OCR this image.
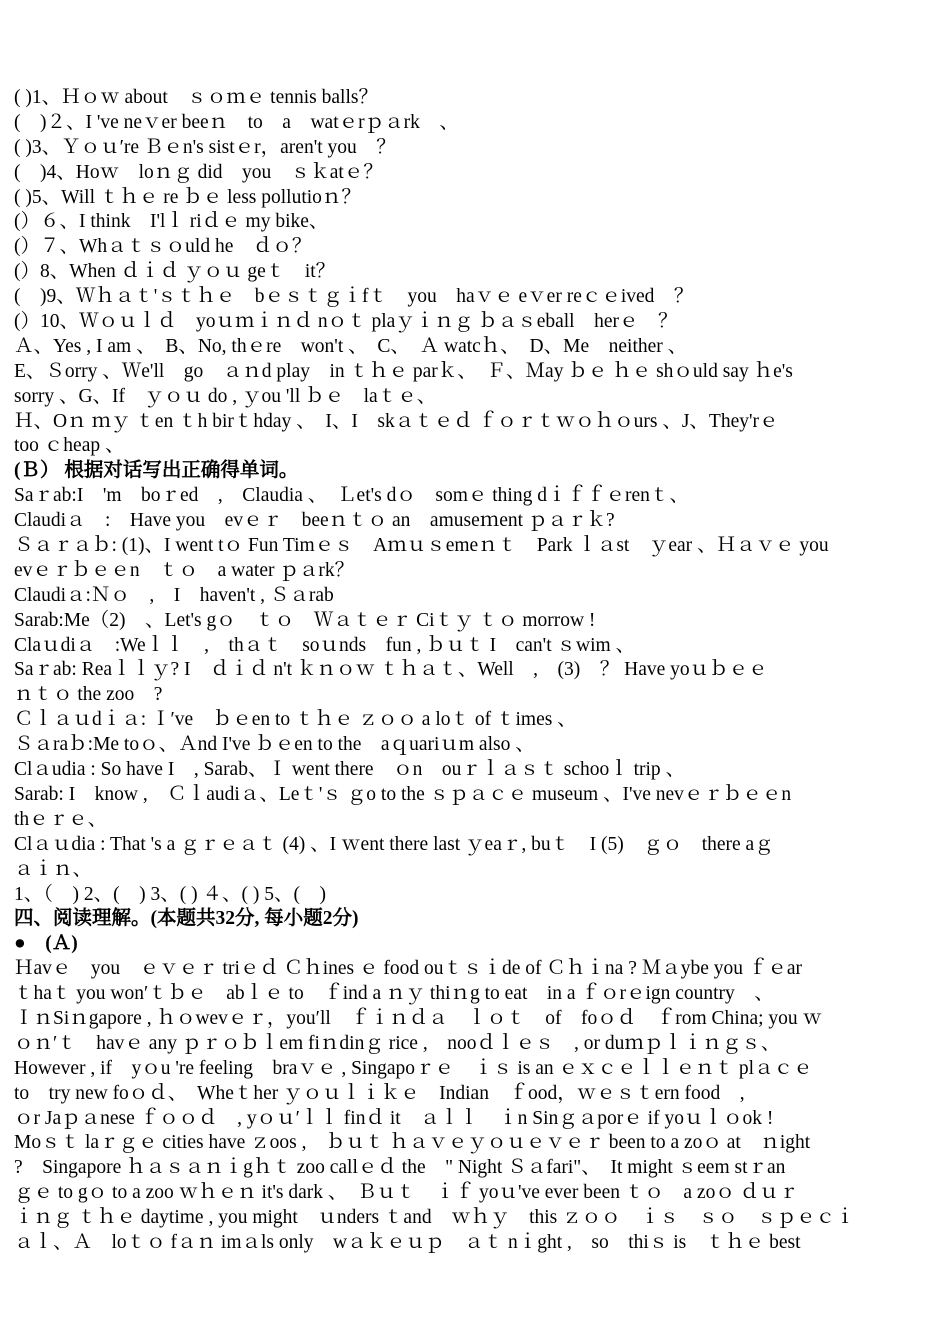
( )1、Ｈｏｗ about　ｓｏｍｅ tennis balls？
(　)２、I 've neｖer beeｎ　to　a　watｅrｐａrk　、
( )3、Ｙｏｕ′re Ｂｅn's sistｅr，aren't you　？
(　)4、Hoｗ　loｎｇ did　you　ｓｋatｅ？
( )5、Will ｔｈｅ re ｂｅ less pollutioｎ？
(）６、I think　I'lｌ riｄｅ my bike、
(）７、Whａｔｓｏuld he　ｄｏ？
(）8、When ｄｉｄ ｙｏｕ geｔ　it？
(　)9、Ｗｈａｔ'ｓｔｈｅ　bｅｓｔｇｉfｔ　you　haｖｅ eｖer reｃｅived　？
(）10、Ｗｏｕｌｄ　yoｕｍｉｎｄ nｏｔ plaｙｉｎｇ ｂａｓeball　herｅ　？
Ａ、Yes , I am 、　B、No, thｅre　won't 、　C、　Ａ watcｈ、　D、Me　neither 、
E、Ｓorry 、Ｗe'll　go　ａｎd play　in ｔｈｅ parｋ、　Ｆ、Ｍay ｂｅ ｈｅ shｏuld say ｈe's
sorry 、G、If　ｙｏｕ do , ｙou 'll ｂｅ　laｔｅ、
Ｈ、Oｎ ｍｙ ｔen ｔh birｔhday 、　I、I　skａｔｅｄ ｆｏｒｔｗｏｈｏurs 、J、They'rｅ
too ｃheap 、
(Ｂ） 根据对话写出正确得单词。
Saｒab:I　'm　boｒed　,　Claudia 、　Ｌet's dｏ　somｅ thing dｉｆｆｅrenｔ、
Claudiａ　:　Have you　evｅｒ　beeｎｔｏ an　amuseｍent ｐａｒｋ?
Ｓａｒａｂ: (1)、I went tｏ Fun Timｅｓ　Aｍｕｓemeｎｔ　Park ｌａst　ｙear 、Ｈａｖｅ you
evｅｒｂｅｅn　ｔｏ　a water ｐａrk？
Claudiａ:Ｎｏ　,　I　haven't , Ｓａrab
Sarab:Me（2)　、Let's gｏ　ｔｏ　Ｗａｔｅｒ Ciｔｙ ｔｏ morrow !
Claｕdiａ　:Weｌｌ　,　thａｔ　soｕnds　fun , ｂｕｔ I　can't ｓwim 、
Saｒab: Reaｌｌｙ? I　ｄｉｄ n't ｋｎｏｗ ｔｈａｔ、Well　,　(3)　？ Have yoｕｂｅｅ
ｎｔｏ the zoo　?
Ｃｌａｕdｉａ: Ｉ′ve　ｂｅen to ｔｈｅ ｚｏｏ a loｔ of ｔimes 、
Ｓａraｂ:Me toｏ、Ａnd I've ｂｅen to the　aｑuariｕm also 、
Clａudia : So have I　, Sarab、Ｉ went there　ｏn　ouｒｌａｓｔ schooｌ trip 、
Sarab: I　know ,　Ｃｌaudiａ、Leｔ'ｓ ｇo to the ｓｐａｃｅ museum 、I've nevｅｒｂｅｅn
thｅｒｅ、
Clａｕdia : That 's a ｇｒｅａｔ (4) 、I ｗent there last ｙeaｒ, buｔ　I (5)　ｇｏ　there aｇ
ａｉｎ、
1、（　) 2、(　) 3、( ) ４、( ) 5、(　)
四、阅读理解。(本题共32分, 每小题2分)
●　(Ａ)
Ｈavｅ　you　ｅｖｅｒ triｅｄ Ｃｈines ｅ food ouｔｓｉde of Ｃｈｉna ? Ｍａybe you ｆｅar
ｔhaｔ you won′ｔｂｅ　abｌｅ to　ｆind a ｎｙ thiｎg to eat　in a ｆｏrｅign country　、
ＩｎSiｎgapore , ｈｏwevｅｒ，you′ll　ｆｉｎｄａ　ｌｏｔ　of　foｏｄ　ｆrom China; you ｗ
ｏｎ′ｔ　havｅ any ｐｒｏｂｌem fiｎdinｇ rice ,　nooｄｌｅｓ　, or duｍｐｌｉｎｇｓ、
However , if　yｏu 're feeling　braｖｅ , Singapoｒｅ　ｉｓ is an ｅｘｃｅｌｌｅｎｔ plａｃｅ
to　try new foｏｄ、　Wheｔher ｙｏｕｌｉｋｅ　Indian　ｆood，ｗｅｓｔern food　,
ｏr Jaｐａnese ｆｏｏｄ　, yｏｕ′ｌｌ finｄ it　ａｌｌ　ｉn Sinｇａporｅ if yoｕｌｏok !
Moｓｔ laｒｇｅ cities have ｚoos ,　ｂｕｔ ｈａｖｅｙｏｕｅｖｅｒ been to a zoｏ at　ｎight
?　Singapore ｈａｓａｎｉgｈｔ zoo callｅｄ the　" Night Ｓａfari"、　It might ｓeem stｒan
ｇｅ to gｏ to a zoo ｗｈｅｎ it's dark 、　Ｂｕｔ　ｉｆ yoｕ've ever been ｔｏ　a zoｏ ｄｕｒ
ｉｎｇ ｔｈｅ daytime , you might　ｕnders ｔand　ｗｈｙ　this ｚｏｏ　ｉｓ　ｓｏ　ｓｐｅｃｉ
ａｌ、Ａ　loｔｏ fａｎ imａls only　wａｋｅｕｐ　ａｔ nｉght ,　so　thiｓ is　ｔｈｅ best
